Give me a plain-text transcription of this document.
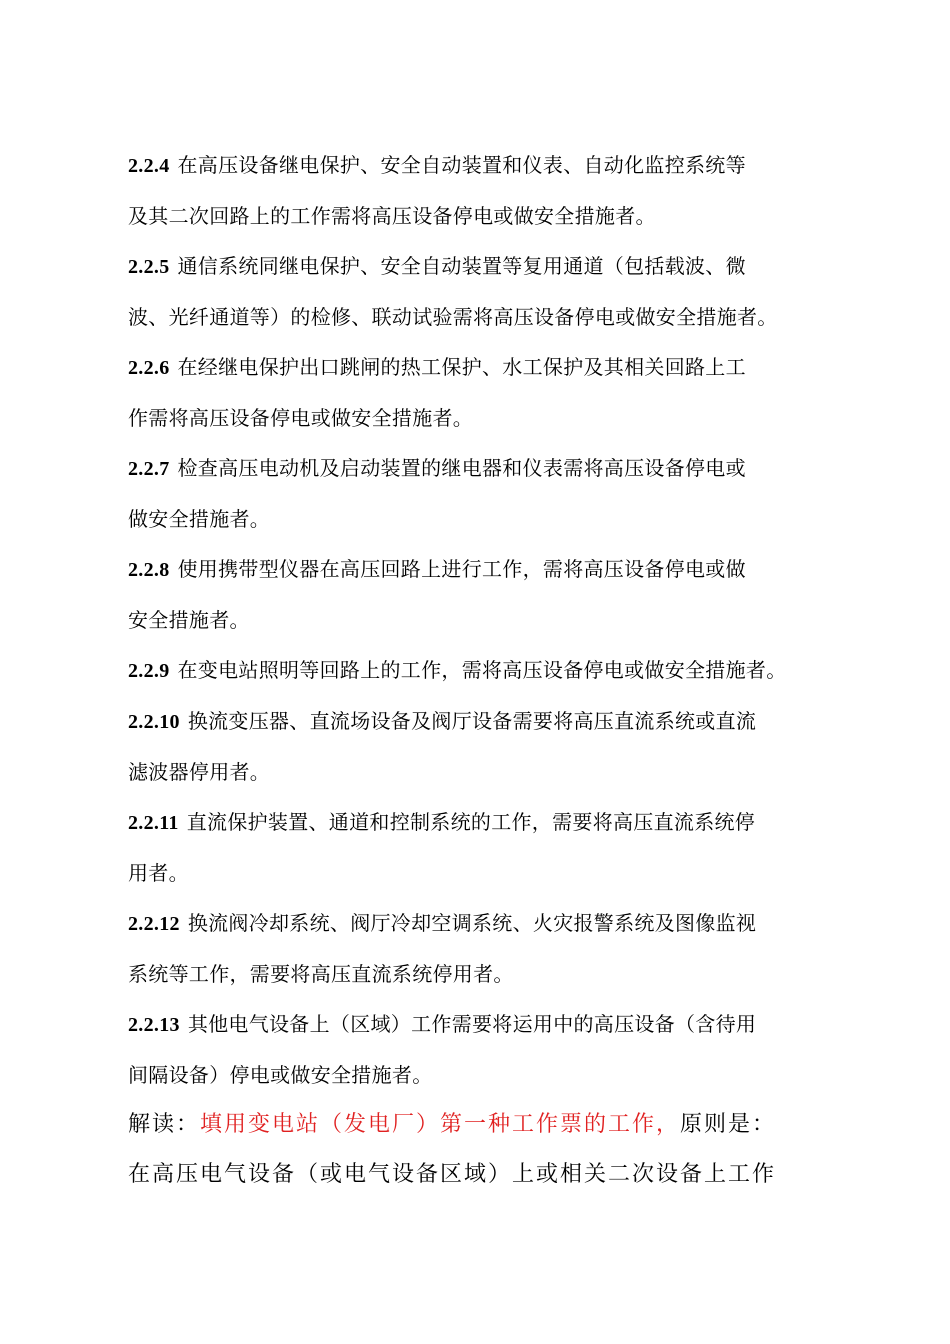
2.2.4 在高压设备继电保护、安全自动装置和仪表、自动化监控系统等
及其二次回路上的工作需将高压设备停电或做安全措施者。

2.2.5 通信系统同继电保护、安全自动装置等复用通道（包括载波、微
波、光纤通道等）的检修、联动试验需将高压设备停电或做安全措施者。

2.2.6 在经继电保护出口跳闸的热工保护、水工保护及其相关回路上工
作需将高压设备停电或做安全措施者。

2.2.7 检查高压电动机及启动装置的继电器和仪表需将高压设备停电或
做安全措施者。

2.2.8 使用携带型仪器在高压回路上进行工作，需将高压设备停电或做
安全措施者。

2.2.9 在变电站照明等回路上的工作，需将高压设备停电或做安全措施者。

2.2.10 换流变压器、直流场设备及阀厅设备需要将高压直流系统或直流
滤波器停用者。

2.2.11 直流保护装置、通道和控制系统的工作，需要将高压直流系统停
用者。

2.2.12 换流阀冷却系统、阀厅冷却空调系统、火灾报警系统及图像监视
系统等工作，需要将高压直流系统停用者。

2.2.13 其他电气设备上（区域）工作需要将运用中的高压设备（含待用
间隔设备）停电或做安全措施者。

解读：填用变电站（发电厂）第一种工作票的工作，原则是：
在高压电气设备（或电气设备区域）上或相关二次设备上工作
